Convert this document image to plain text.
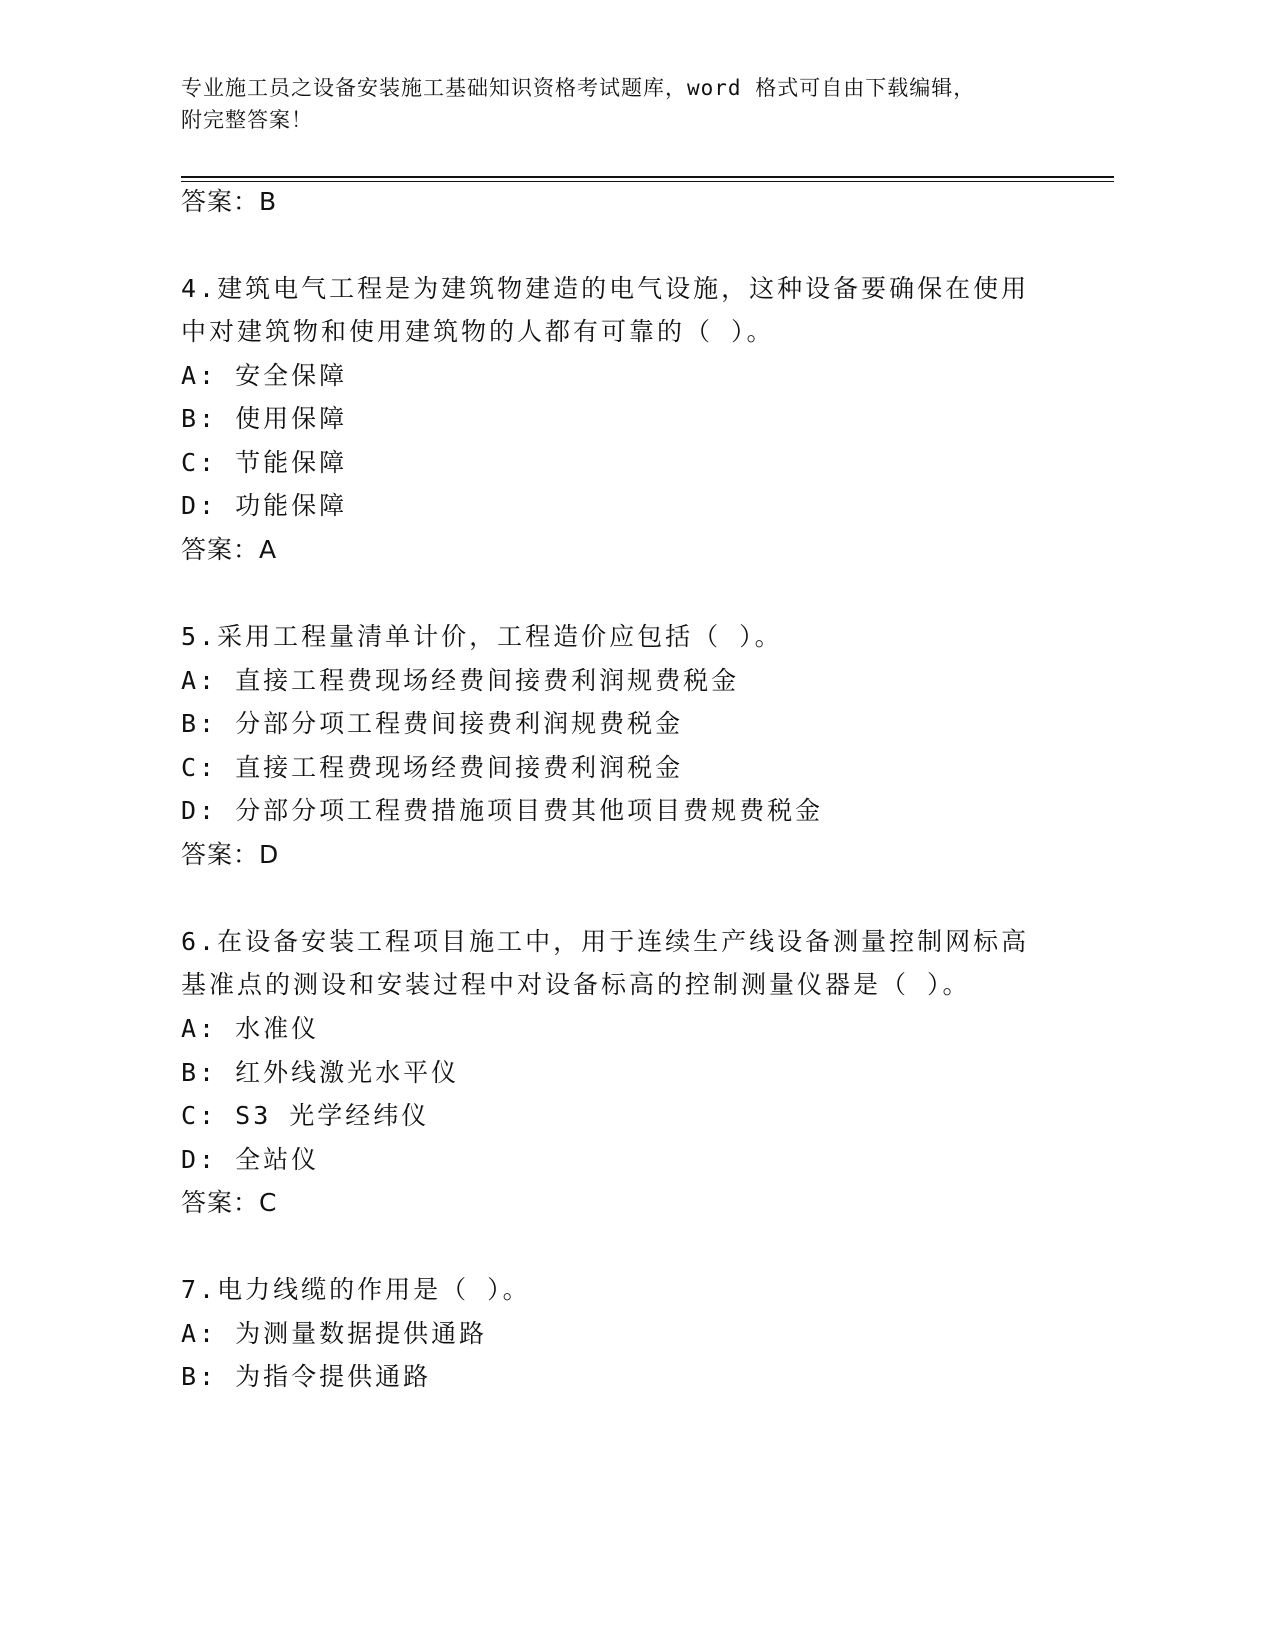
专业施工员之设备安装施工基础知识资格考试题库，word 格式可自由下载编辑，
附完整答案！
答案：B
4.建筑电气工程是为建筑物建造的电气设施，这种设备要确保在使用
中对建筑物和使用建筑物的人都有可靠的（ ）。
A: 安全保障
B: 使用保障
C: 节能保障
D: 功能保障
答案：A
5.采用工程量清单计价，工程造价应包括（ ）。
A: 直接工程费现场经费间接费利润规费税金
B: 分部分项工程费间接费利润规费税金
C: 直接工程费现场经费间接费利润税金
D: 分部分项工程费措施项目费其他项目费规费税金
答案：D
6.在设备安装工程项目施工中，用于连续生产线设备测量控制网标高
基准点的测设和安装过程中对设备标高的控制测量仪器是（ ）。
A: 水准仪
B: 红外线激光水平仪
C: S3 光学经纬仪
D: 全站仪
答案：C
7.电力线缆的作用是（ ）。
A: 为测量数据提供通路
B: 为指令提供通路
